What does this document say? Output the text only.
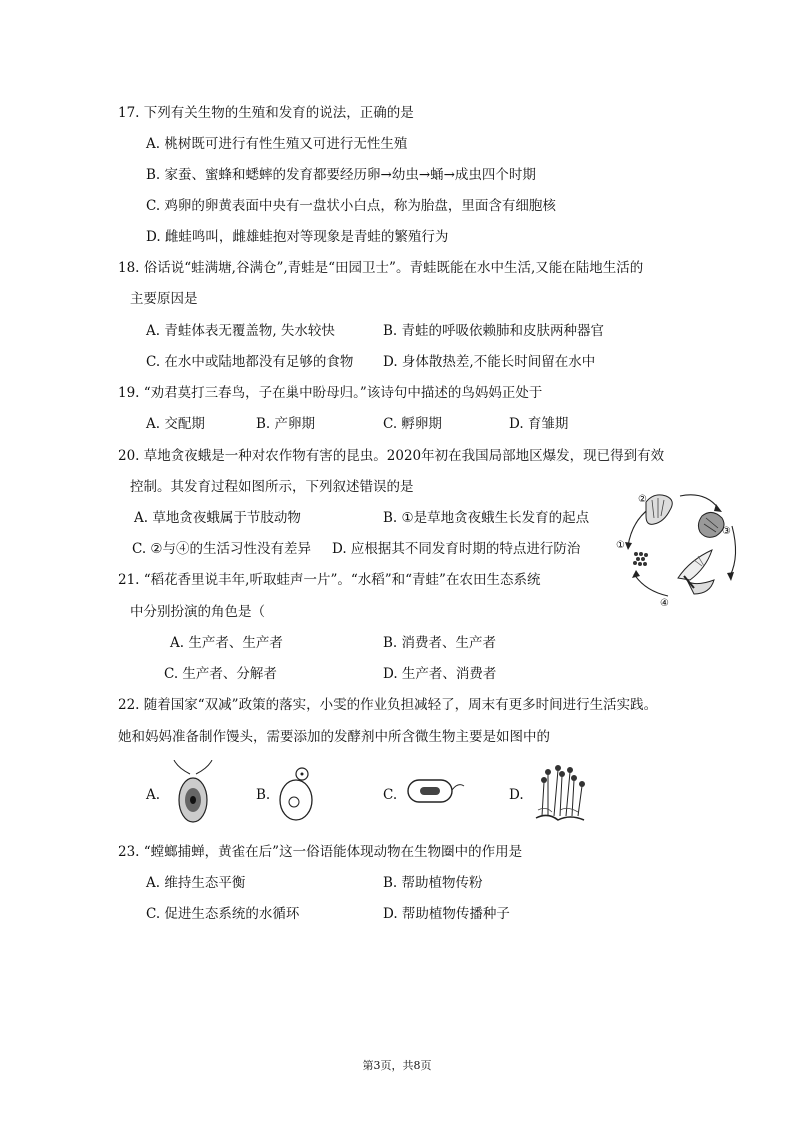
17. 下列有关生物的生殖和发育的说法，正确的是
A. 桃树既可进行有性生殖又可进行无性生殖
B. 家蚕、蜜蜂和蟋蟀的发育都要经历卵→幼虫→蛹→成虫四个时期
C. 鸡卵的卵黄表面中央有一盘状小白点，称为胎盘，里面含有细胞核
D. 雌蛙鸣叫，雌雄蛙抱对等现象是青蛙的繁殖行为
18. 俗话说“蛙满塘,谷满仓”,青蛙是“田园卫士”。青蛙既能在水中生活,又能在陆地生活的
主要原因是
A. 青蛙体表无覆盖物, 失水较快	B. 青蛙的呼吸依赖肺和皮肤两种器官
C. 在水中或陆地都没有足够的食物 D. 身体散热差,不能长时间留在水中
19. “劝君莫打三春鸟，子在巢中盼母归。”该诗句中描述的鸟妈妈正处于
A. 交配期	B. 产卵期	C. 孵卵期	D. 育雏期
20. 草地贪夜蛾是一种对农作物有害的昆虫。2020年初在我国局部地区爆发，现已得到有效
控制。其发育过程如图所示，下列叙述错误的是
A. 草地贪夜蛾属于节肢动物	B. ①是草地贪夜蛾生长发育的起点
C. ②与④的生活习性没有差异 D. 应根据其不同发育时期的特点进行防治
②
③
①
④
21. “稻花香里说丰年,听取蛙声一片”。“水稻”和“青蛙”在农田生态系统
中分别扮演的角色是（
A. 生产者、生产者	B. 消费者、生产者
C. 生产者、分解者	D. 生产者、消费者
22. 随着国家“双减”政策的落实，小雯的作业负担减轻了，周末有更多时间进行生活实践。
她和妈妈准备制作馒头，需要添加的发酵剂中所含微生物主要是如图中的
A.	B.	C.	D.
23. “螳螂捕蝉，黄雀在后”这一俗语能体现动物在生物圈中的作用是
A. 维持生态平衡	B. 帮助植物传粉
C. 促进生态系统的水循环	D. 帮助植物传播种子
第3页，共8页
